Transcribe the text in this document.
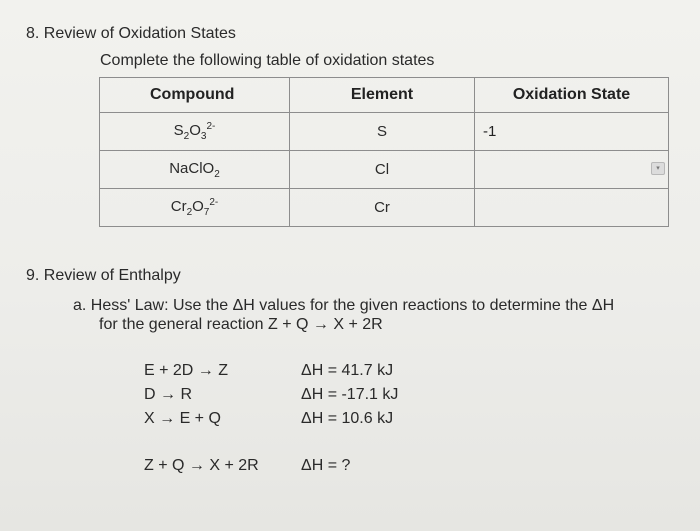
8. Review of Oxidation States
Complete the following table of oxidation states
Compound	Element	Oxidation State
$S_2O_3^{2-}$	S	-1

NaClO$_2$	Cl	▾

$Cr_2O_7^{2-}$	Cr	
9. Review of Enthalpy
a. Hess' Law: Use the ΔH values for the given reactions to determine the ΔH
for the general reaction Z + Q → X + 2R
E + 2D → Z	ΔH = 41.7 kJ
D → R	ΔH = -17.1 kJ
X → E + Q	ΔH = 10.6 kJ
Z + Q → X + 2R	ΔH = ?
